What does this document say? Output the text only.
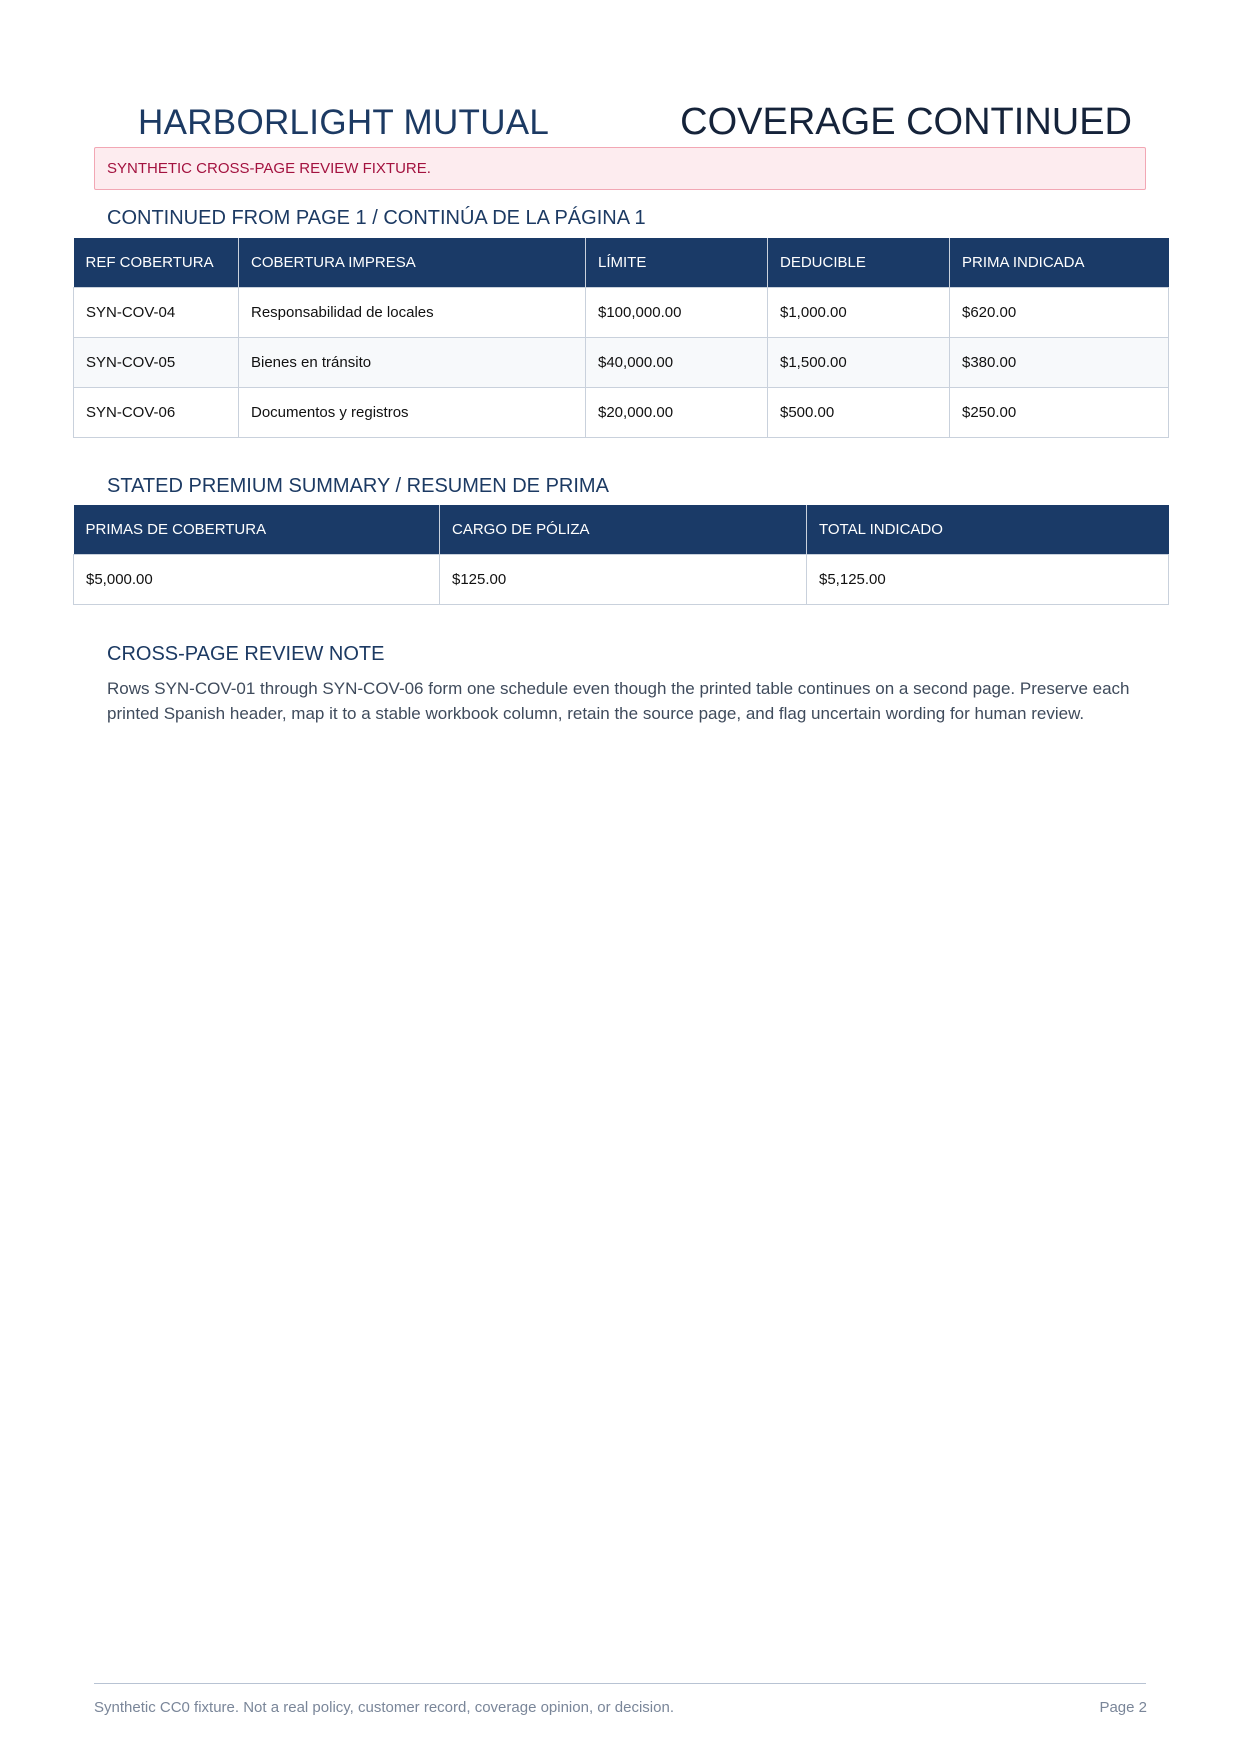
HARBORLIGHT MUTUAL	COVERAGE CONTINUED
SYNTHETIC CROSS-PAGE REVIEW FIXTURE.
CONTINUED FROM PAGE 1 / CONTINÚA DE LA PÁGINA 1
REF COBERTURA	COBERTURA IMPRESA	LÍMITE	DEDUCIBLE	PRIMA INDICADA
SYN-COV-04	Responsabilidad de locales	$100,000.00	$1,000.00	$620.00
SYN-COV-05	Bienes en tránsito	$40,000.00	$1,500.00	$380.00
SYN-COV-06	Documentos y registros	$20,000.00	$500.00	$250.00
STATED PREMIUM SUMMARY / RESUMEN DE PRIMA
PRIMAS DE COBERTURA	CARGO DE PÓLIZA	TOTAL INDICADO
$5,000.00	$125.00	$5,125.00
CROSS-PAGE REVIEW NOTE
Rows SYN-COV-01 through SYN-COV-06 form one schedule even though the printed table continues on a second page. Preserve each printed Spanish header, map it to a stable workbook column, retain the source page, and flag uncertain wording for human review.
Synthetic CC0 fixture. Not a real policy, customer record, coverage opinion, or decision.	Page 2
